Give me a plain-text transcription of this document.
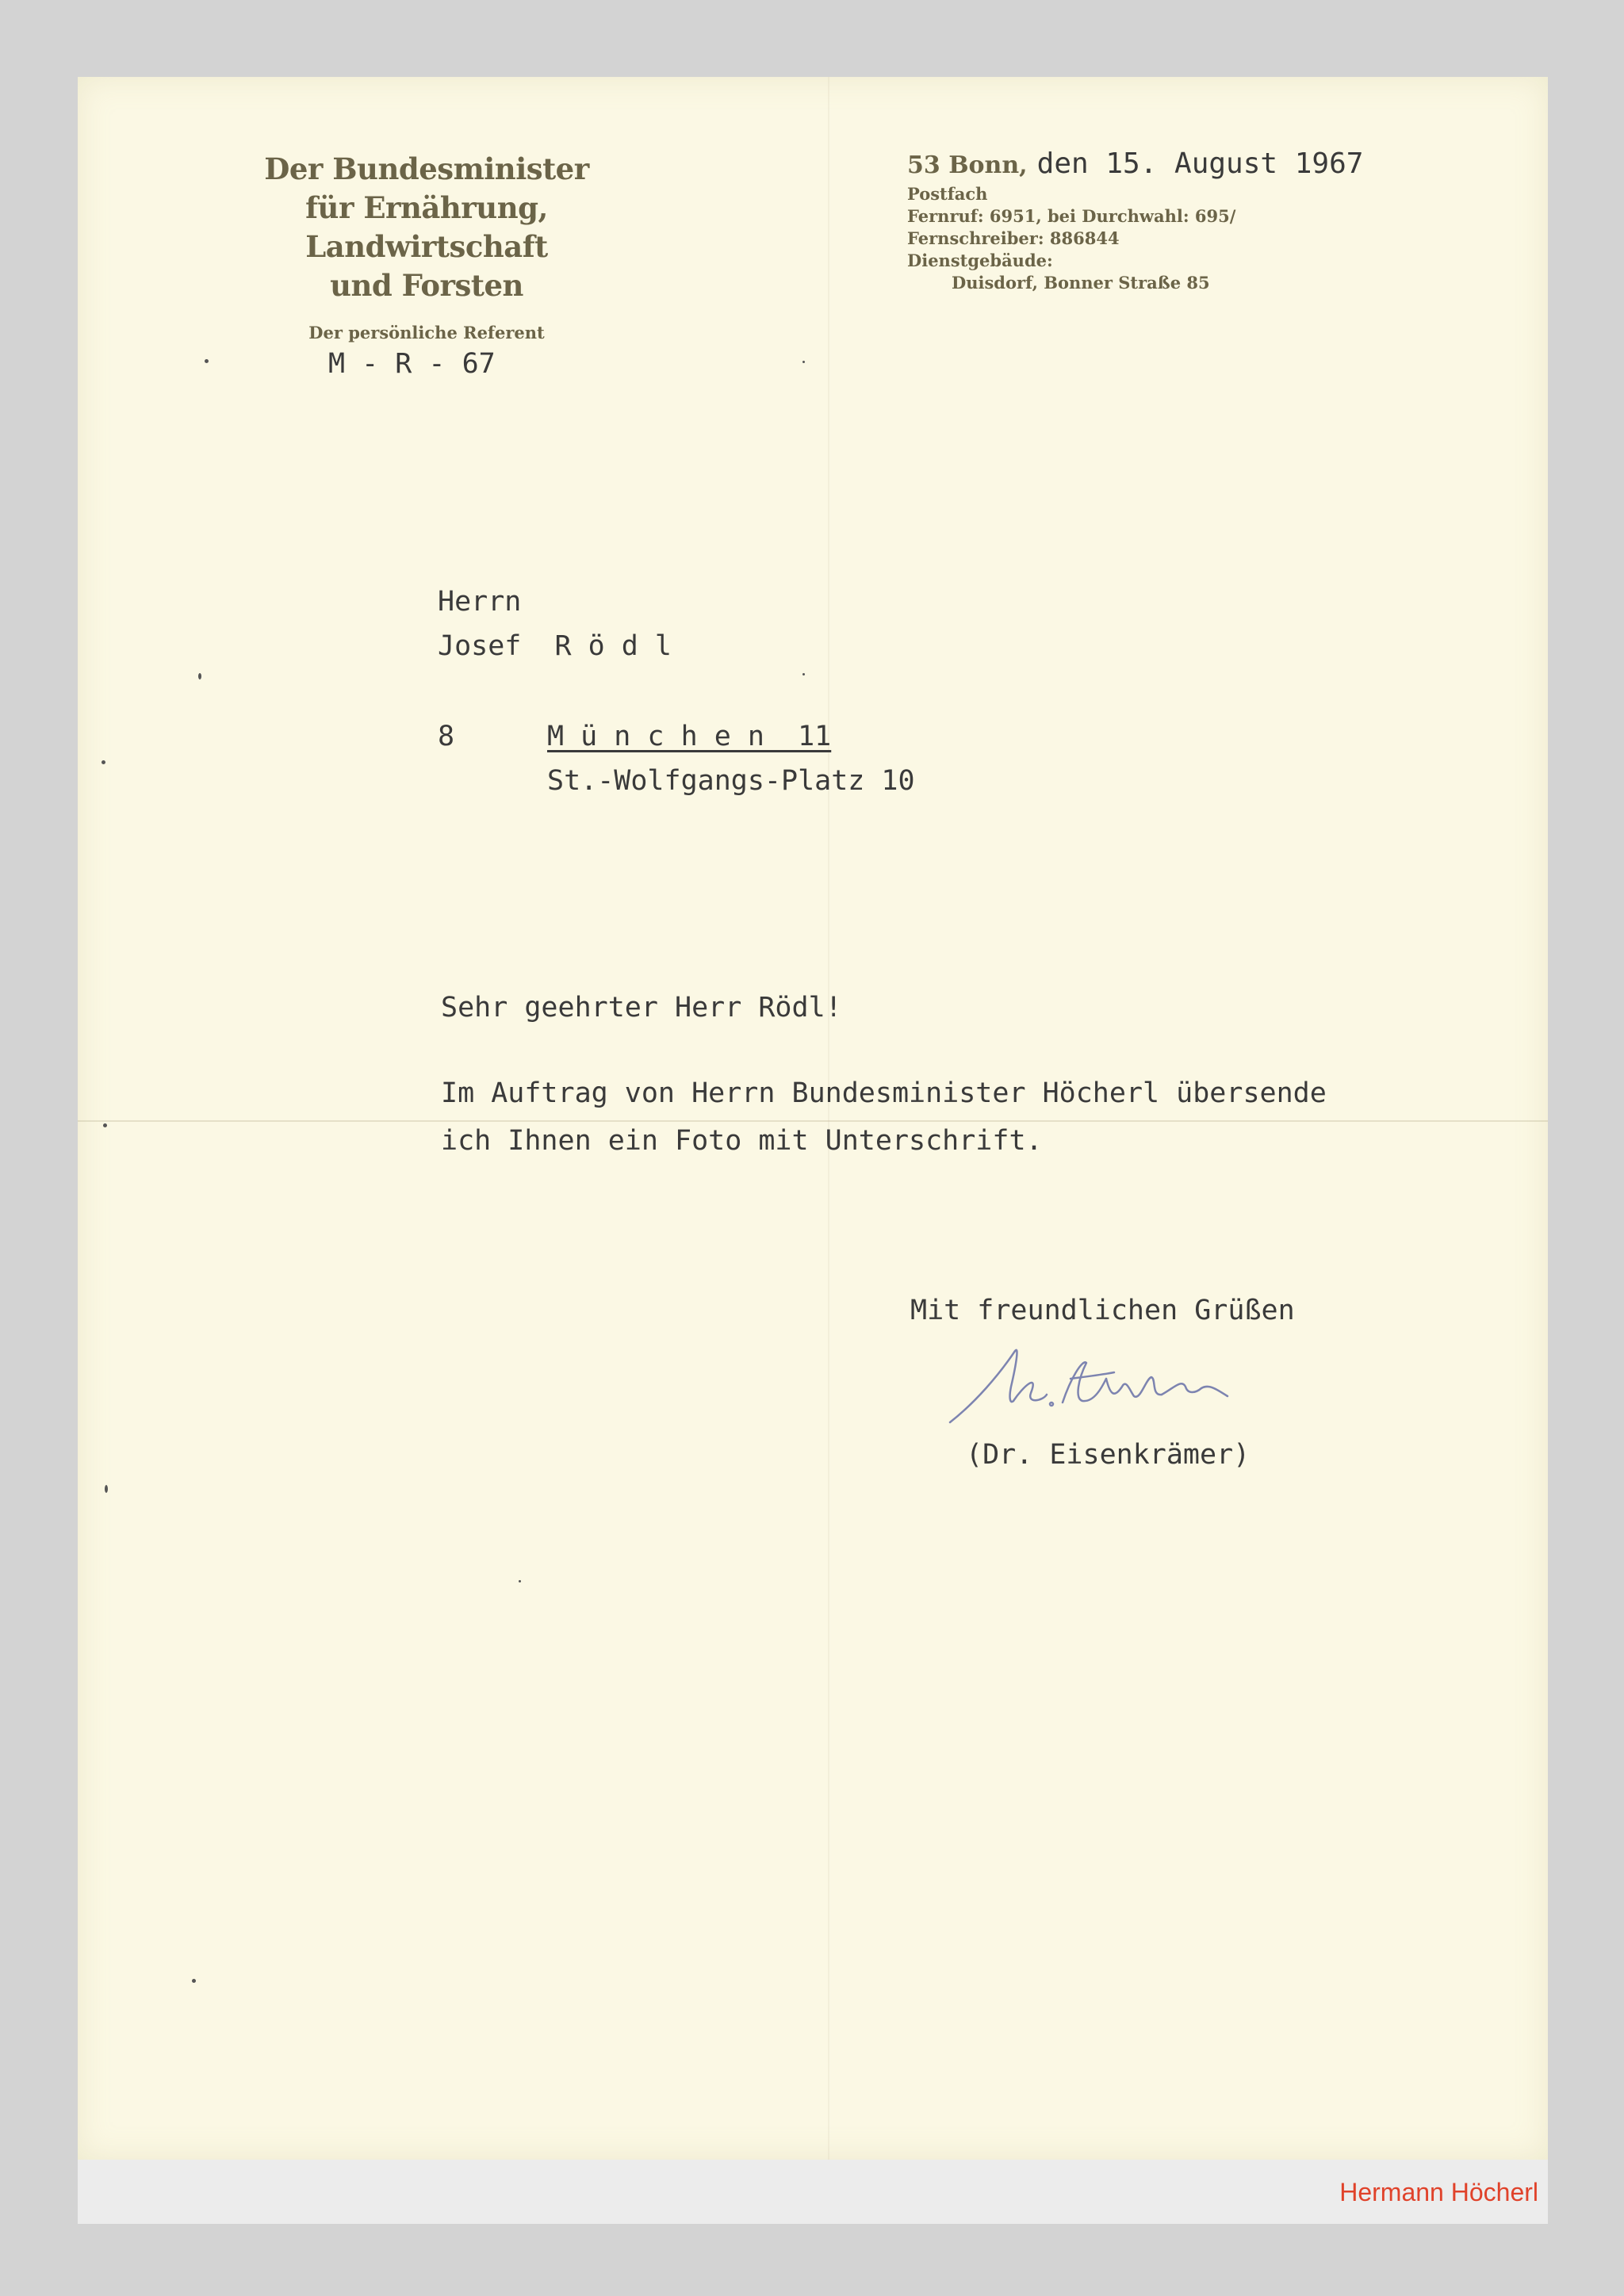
Der Bundesminister
für Ernährung, Landwirtschaft
und Forsten
Der persönliche Referent
53 Bonn, den 15. August 1967
Postfach
Fernruf: 6951, bei Durchwahl: 695/
Fernschreiber: 886844
Dienstgebäude:
Duisdorf, Bonner Straße 85
M - R - 67
Herrn
Josef  R ö d l
8	M ü n c h e n  11
St.-Wolfgangs-Platz 10
Sehr geehrter Herr Rödl!
Im Auftrag von Herrn Bundesminister Höcherl übersende
ich Ihnen ein Foto mit Unterschrift.
Mit freundlichen Grüßen
(Dr. Eisenkrämer)
Hermann Höcherl
